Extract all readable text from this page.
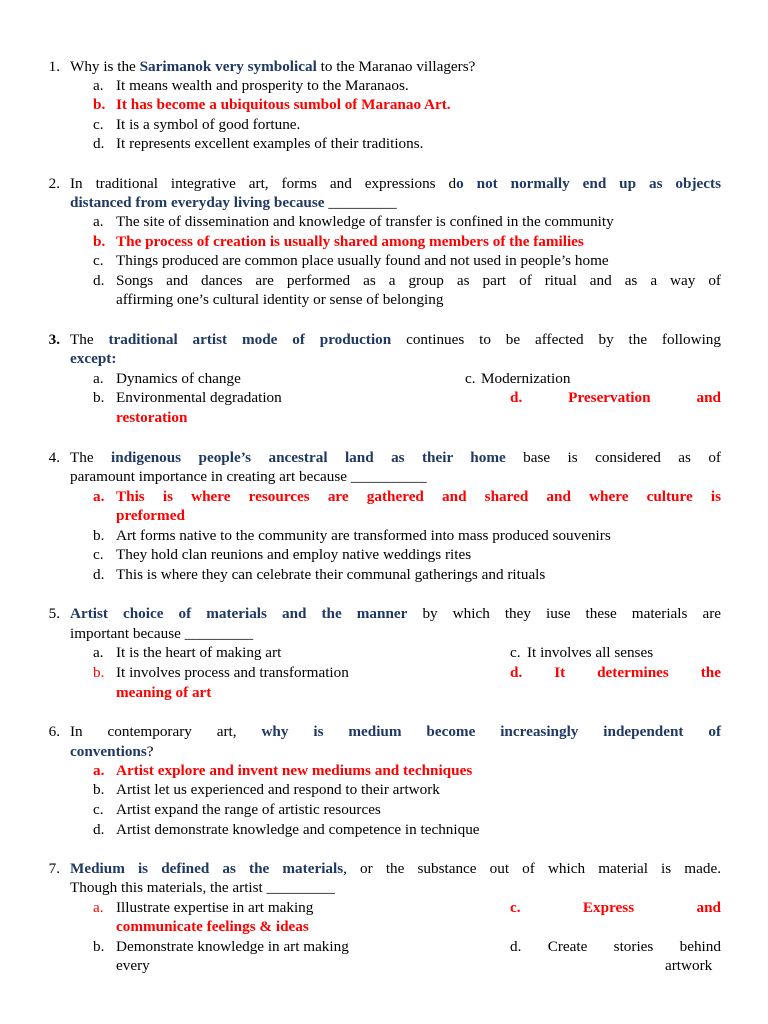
1. Why is the Sarimanok very symbolical to the Maranao villagers?
a. It means wealth and prosperity to the Maranaos.
b. It has become a ubiquitous sumbol of Maranao Art.
c. It is a symbol of good fortune.
d. It represents excellent examples of their traditions.
2. In traditional integrative art, forms and expressions do not normally end up as objects
distanced from everyday living because _________
a. The site of dissemination and knowledge of transfer is confined in the community
b. The process of creation is usually shared among members of the families
c. Things produced are common place usually found and not used in people’s home
d. Songs and dances are performed as a group as part of ritual and as a way of
affirming one’s cultural identity or sense of belonging
3. The traditional artist mode of production continues to be affected by the following
except:
a. Dynamics of change	c. Modernization
b. Environmental degradation	d.	Preservation	and
restoration
4. The indigenous people’s ancestral land as their home base is considered as of
paramount importance in creating art because __________
a. This is where resources are gathered and shared and where culture is
preformed
b. Art forms native to the community are transformed into mass produced souvenirs
c. They hold clan reunions and employ native weddings rites
d. This is where they can celebrate their communal gatherings and rituals
5. Artist choice of materials and the manner by which they iuse these materials are
important because _________
a. It is the heart of making art	c. It involves all senses
b. It involves process and transformation	d. It determines the
meaning of art
6. In contemporary art, why is medium become increasingly independent of
conventions?
a. Artist explore and invent new mediums and techniques
b. Artist let us experienced and respond to their artwork
c. Artist expand the range of artistic resources
d. Artist demonstrate knowledge and competence in technique
7. Medium is defined as the materials, or the substance out of which material is made.
Though this materials, the artist _________
a. Illustrate expertise in art making	c.	Express	and
communicate feelings & ideas
b. Demonstrate knowledge in art making	d. Create stories behind
every	artwork
